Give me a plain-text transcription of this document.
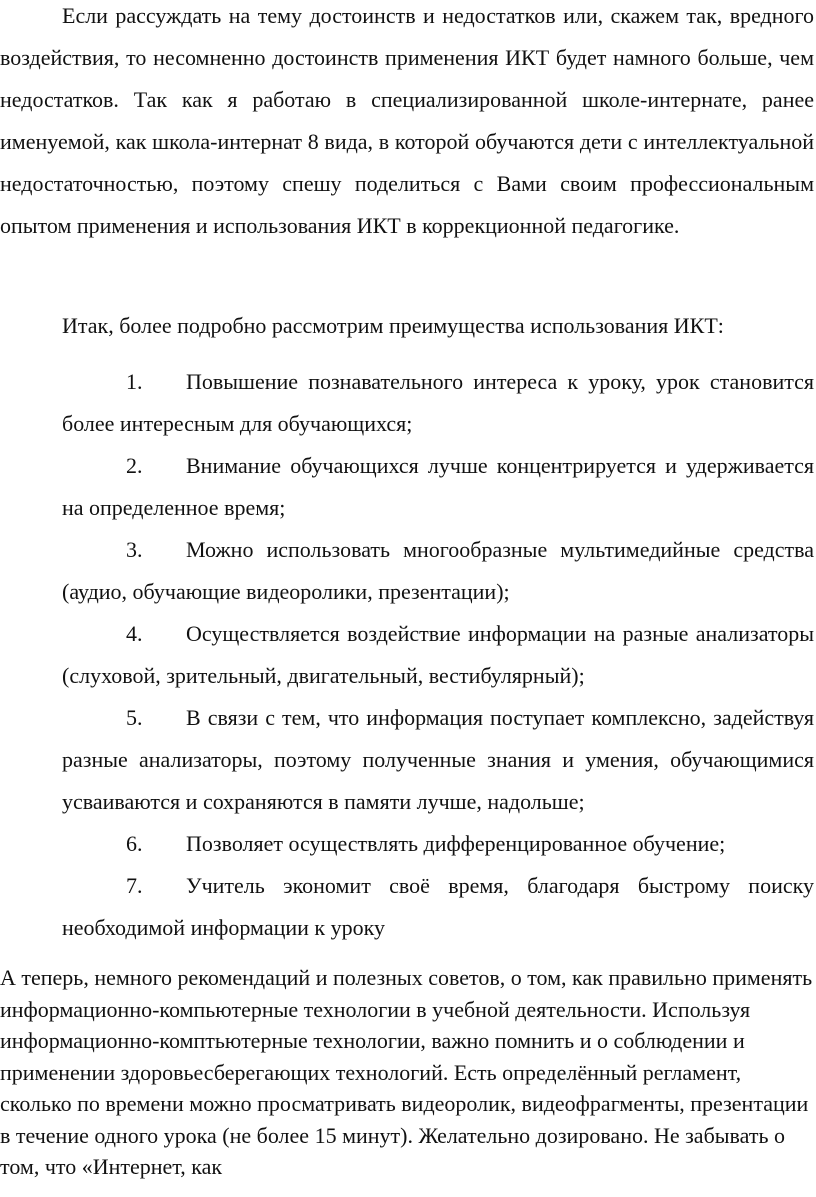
Если рассуждать на тему достоинств и недостатков или, скажем так, вредного воздействия, то несомненно достоинств применения ИКТ будет намного больше, чем недостатков. Так как я работаю в специализированной школе-интернате, ранее именуемой, как школа-интернат 8 вида, в которой обучаются дети с интеллектуальной недостаточностью, поэтому спешу поделиться с Вами своим профессиональным опытом применения и использования ИКТ в коррекционной педагогике.

Итак, более подробно рассмотрим преимущества использования ИКТ:

1. Повышение познавательного интереса к уроку, урок становится более интересным для обучающихся;
2. Внимание обучающихся лучше концентрируется и удерживается на определенное время;
3. Можно использовать многообразные мультимедийные средства (аудио, обучающие видеоролики, презентации);
4. Осуществляется воздействие информации на разные анализаторы (слуховой, зрительный, двигательный, вестибулярный);
5. В связи с тем, что информация поступает комплексно, задействуя разные анализаторы, поэтому полученные знания и умения, обучающимися усваиваются и сохраняются в памяти лучше, надольше;
6. Позволяет осуществлять дифференцированное обучение;
7. Учитель экономит своё время, благодаря быстрому поиску необходимой информации к уроку

А теперь, немного рекомендаций и полезных советов, о том, как правильно применять информационно-компьютерные технологии в учебной деятельности. Используя информационно-комптьютерные технологии, важно помнить и о соблюдении и применении здоровьесберегающих технологий. Есть определённый регламент, сколько по времени можно просматривать видеоролик, видеофрагменты, презентации в течение одного урока (не более 15 минут). Желательно дозировано. Не забывать о том, что «Интернет, как
